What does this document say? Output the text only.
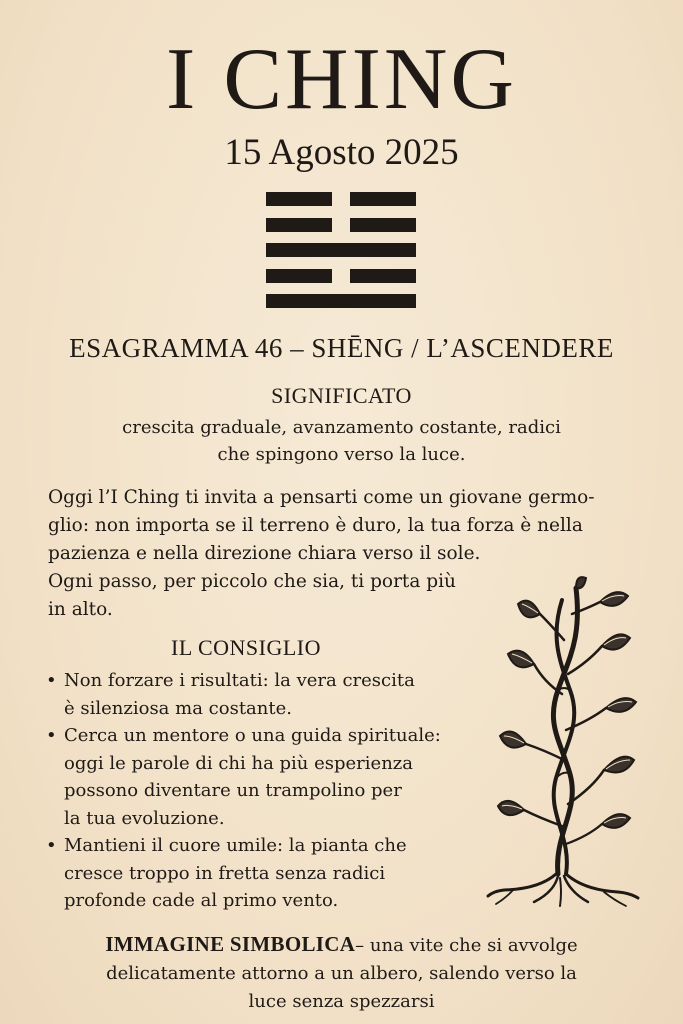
I CHING
15 Agosto 2025
ESAGRAMMA 46 – SHĒNG / L’ASCENDERE
SIGNIFICATO
crescita graduale, avanzamento costante, radici
che spingono verso la luce.
Oggi l’I Ching ti invita a pensarti come un giovane germo-
glio: non importa se il terreno è duro, la tua forza è nella
pazienza e nella direzione chiara verso il sole.
Ogni passo, per piccolo che sia, ti porta più
in alto.
IL CONSIGLIO
• Non forzare i risultati: la vera crescita
è silenziosa ma costante.
• Cerca un mentore o una guida spirituale:
oggi le parole di chi ha più esperienza
possono diventare un trampolino per
la tua evoluzione.
• Mantieni il cuore umile: la pianta che
cresce troppo in fretta senza radici
profonde cade al primo vento.
IMMAGINE SIMBOLICA– una vite che si avvolge
delicatamente attorno a un albero, salendo verso la
luce senza spezzarsi
